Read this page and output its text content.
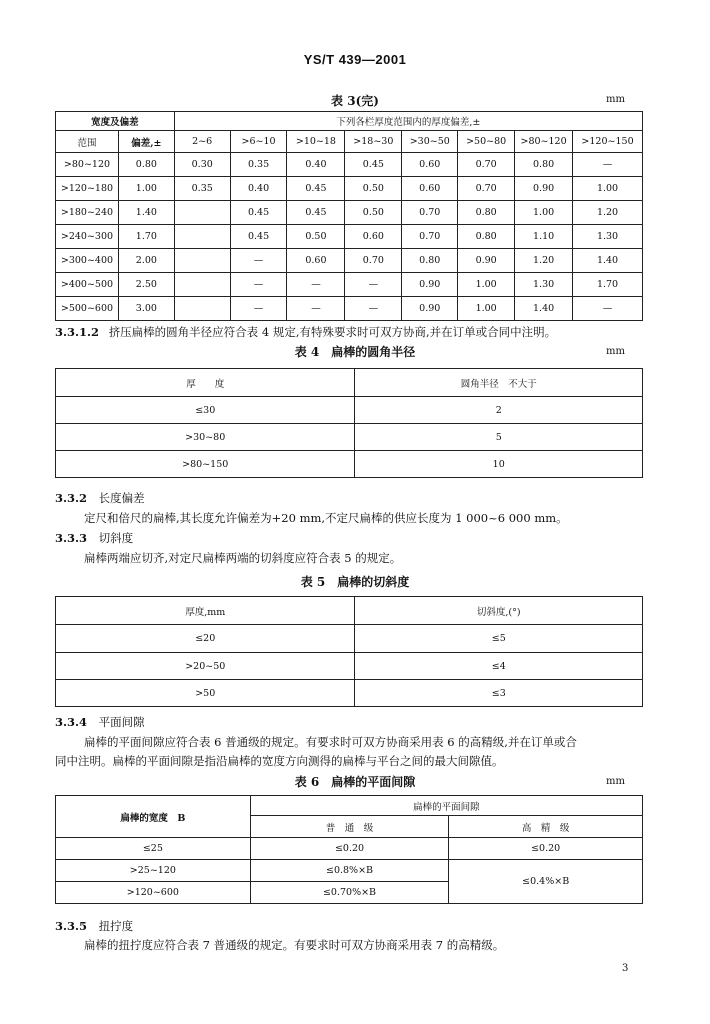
YS/T 439—2001
表 3(完)	mm
宽度及偏差		下列各栏厚度范围内的厚度偏差,±							
范围	偏差,±	2~6	>6~10	>10~18	>18~30	>30~50	>50~80	>80~120	>120~150
>80~120	0.80	0.30	0.35	0.40	0.45	0.60	0.70	0.80	—
>120~180	1.00	0.35	0.40	0.45	0.50	0.60	0.70	0.90	1.00
>180~240	1.40		0.45	0.45	0.50	0.70	0.80	1.00	1.20
>240~300	1.70		0.45	0.50	0.60	0.70	0.80	1.10	1.30
>300~400	2.00		—	0.60	0.70	0.80	0.90	1.20	1.40
>400~500	2.50		—	—	—	0.90	1.00	1.30	1.70
>500~600	3.00		—	—	—	0.90	1.00	1.40	—
3.3.1.2 挤压扁棒的圆角半径应符合表 4 规定,有特殊要求时可双方协商,并在订单或合同中注明。
表 4　扁棒的圆角半径	mm
厚　　度	圆角半径　不大于
≤30	2
>30~80	5
>80~150	10
3.3.2 长度偏差
定尺和倍尺的扁棒,其长度允许偏差为+20 mm,不定尺扁棒的供应长度为 1 000~6 000 mm。
3.3.3 切斜度
扁棒两端应切齐,对定尺扁棒两端的切斜度应符合表 5 的规定。
表 5　扁棒的切斜度
厚度,mm	切斜度,(°)
≤20	≤5
>20~50	≤4
>50	≤3
3.3.4 平面间隙
扁棒的平面间隙应符合表 6 普通级的规定。有要求时可双方协商采用表 6 的高精级,并在订单或合
同中注明。扁棒的平面间隙是指沿扁棒的宽度方向测得的扁棒与平台之间的最大间隙值。
表 6　扁棒的平面间隙	mm
扁棒的宽度　B	扁棒的平面间隙	
	普　通　级	高　精　级
≤25	≤0.20	≤0.20
>25~120	≤0.8%×B	≤0.4%×B
>120~600	≤0.70%×B	
3.3.5 扭拧度
扁棒的扭拧度应符合表 7 普通级的规定。有要求时可双方协商采用表 7 的高精级。
3
